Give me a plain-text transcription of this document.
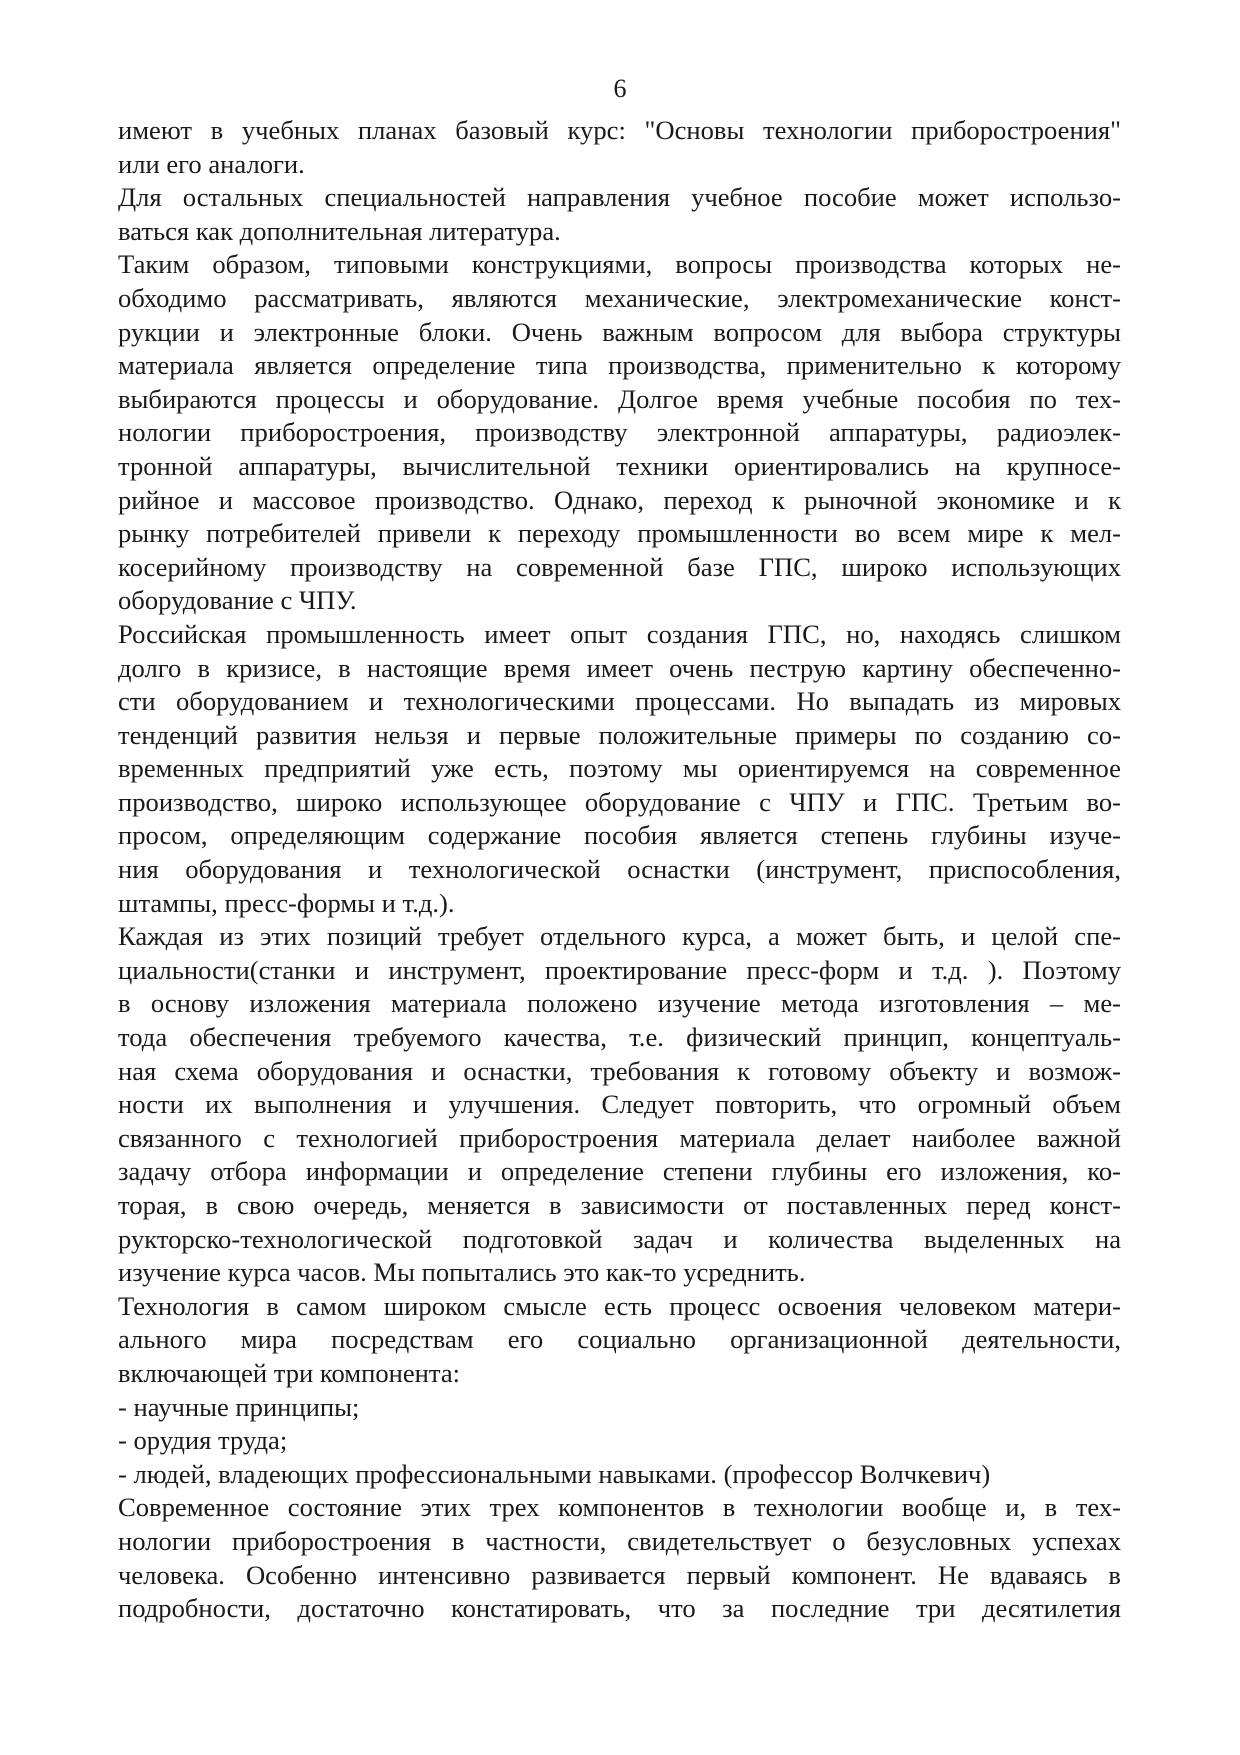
6

имеют в учебных планах базовый курс: "Основы технологии приборостроения"
или его аналоги.

Для остальных специальностей направления учебное пособие может использо-
ваться как дополнительная литература.

Таким образом, типовыми конструкциями, вопросы производства которых не-
обходимо рассматривать, являются механические, электромеханические конст-
рукции и электронные блоки. Очень важным вопросом для выбора структуры
материала является определение типа производства, применительно к которому
выбираются процессы и оборудование. Долгое время учебные пособия по тех-
нологии приборостроения, производству электронной аппаратуры, радиоэлек-
тронной аппаратуры, вычислительной техники ориентировались на крупносе-
рийное и массовое производство. Однако, переход к рыночной экономике и к
рынку потребителей привели к переходу промышленности во всем мире к мел-
косерийному производству на современной базе ГПС, широко использующих
оборудование с ЧПУ.

Российская промышленность имеет опыт создания ГПС, но, находясь слишком
долго в кризисе, в настоящие время имеет очень пеструю картину обеспеченно-
сти оборудованием и технологическими процессами. Но выпадать из мировых
тенденций развития нельзя и первые положительные примеры по созданию со-
временных предприятий уже есть, поэтому мы ориентируемся на современное
производство, широко использующее оборудование с ЧПУ и ГПС. Третьим во-
просом, определяющим содержание пособия является степень глубины изуче-
ния оборудования и технологической оснастки (инструмент, приспособления,
штампы, пресс-формы и т.д.).

Каждая из этих позиций требует отдельного курса, а может быть, и целой спе-
циальности(станки и инструмент, проектирование пресс-форм и т.д. ). Поэтому
в основу изложения материала положено изучение метода изготовления – ме-
тода обеспечения требуемого качества, т.е. физический принцип, концептуаль-
ная схема оборудования и оснастки, требования к готовому объекту и возмож-
ности их выполнения и улучшения. Следует повторить, что огромный объем
связанного с технологией приборостроения материала делает наиболее важной
задачу отбора информации и определение степени глубины его изложения, ко-
торая, в свою очередь, меняется в зависимости от поставленных перед конст-
рукторско-технологической подготовкой задач и количества выделенных на
изучение курса часов. Мы попытались это как-то усреднить.

Технология в самом широком смысле есть процесс освоения человеком матери-
ального мира посредствам его социально организационной деятельности,
включающей три компонента:

- научные принципы;

- орудия труда;

- людей, владеющих профессиональными навыками. (профессор Волчкевич)

Современное состояние этих трех компонентов в технологии вообще и, в тех-
нологии приборостроения в частности, свидетельствует о безусловных успехах
человека. Особенно интенсивно развивается первый компонент. Не вдаваясь в
подробности, достаточно констатировать, что за последние три десятилетия
